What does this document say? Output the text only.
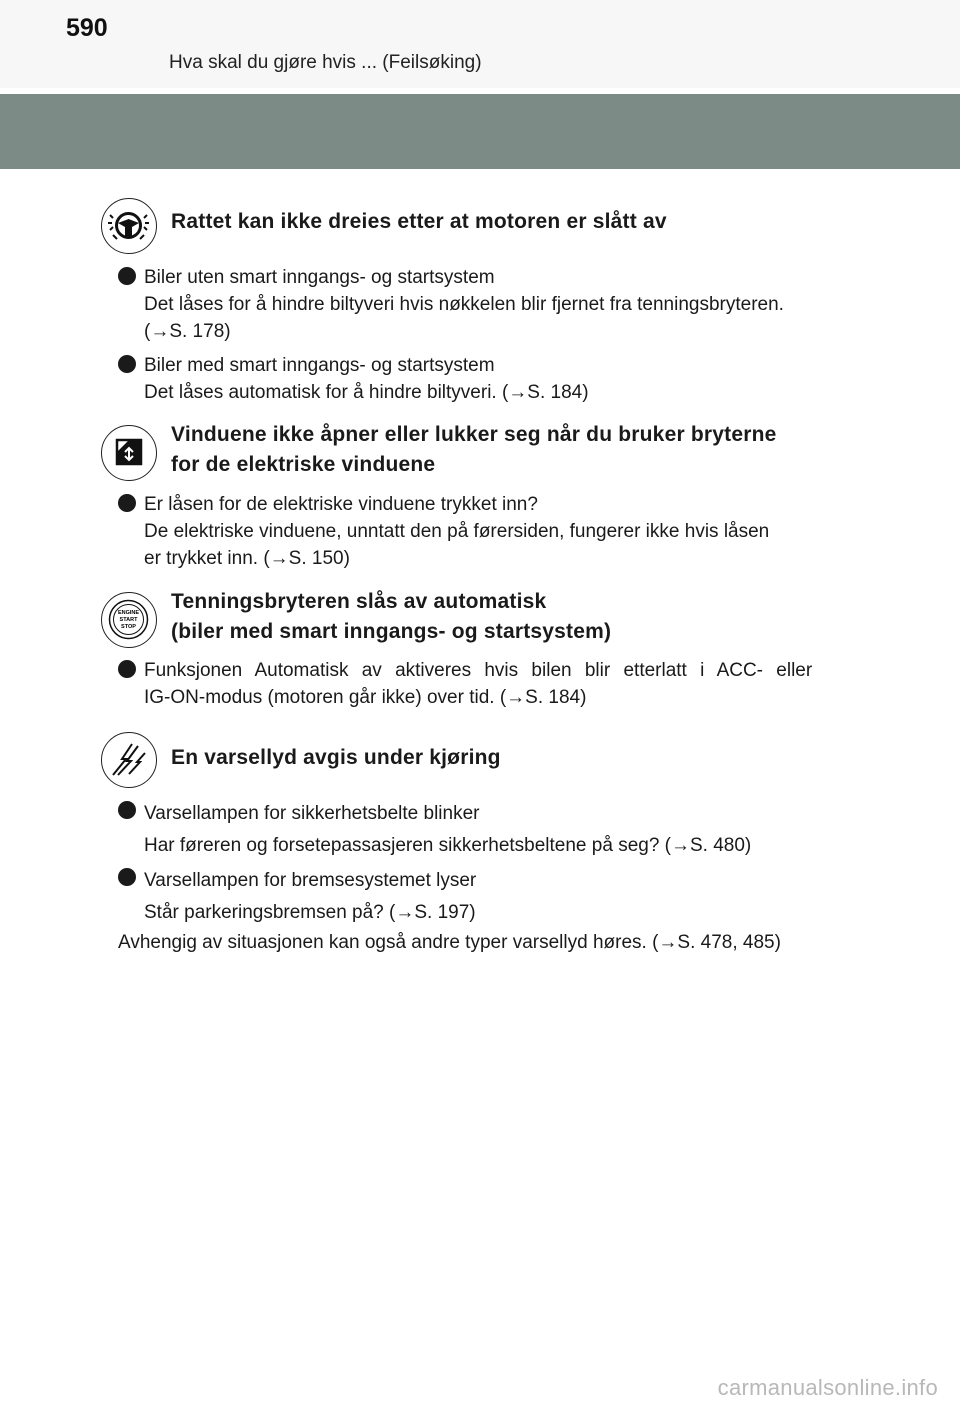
590
Hva skal du gjøre hvis ... (Feilsøking)
Rattet kan ikke dreies etter at motoren er slått av
Biler uten smart inngangs- og startsystem
Det låses for å hindre biltyveri hvis nøkkelen blir fjernet fra tenningsbryteren.
(→S. 178)
Biler med smart inngangs- og startsystem
Det låses automatisk for å hindre biltyveri. (→S. 184)
Vinduene ikke åpner eller lukker seg når du bruker bryterne
for de elektriske vinduene
Er låsen for de elektriske vinduene trykket inn?
De elektriske vinduene, unntatt den på førersiden, fungerer ikke hvis låsen
er trykket inn. (→S. 150)
ENGINE
START
STOP
Tenningsbryteren slås av automatisk
(biler med smart inngangs- og startsystem)
Funksjonen Automatisk av aktiveres hvis bilen blir etterlatt i ACC- eller
IG-ON-modus (motoren går ikke) over tid. (→S. 184)
En varsellyd avgis under kjøring
Varsellampen for sikkerhetsbelte blinker
Har føreren og forsetepassasjeren sikkerhetsbeltene på seg? (→S. 480)
Varsellampen for bremsesystemet lyser
Står parkeringsbremsen på? (→S. 197)
Avhengig av situasjonen kan også andre typer varsellyd høres. (→S. 478, 485)
carmanualsonline.info
